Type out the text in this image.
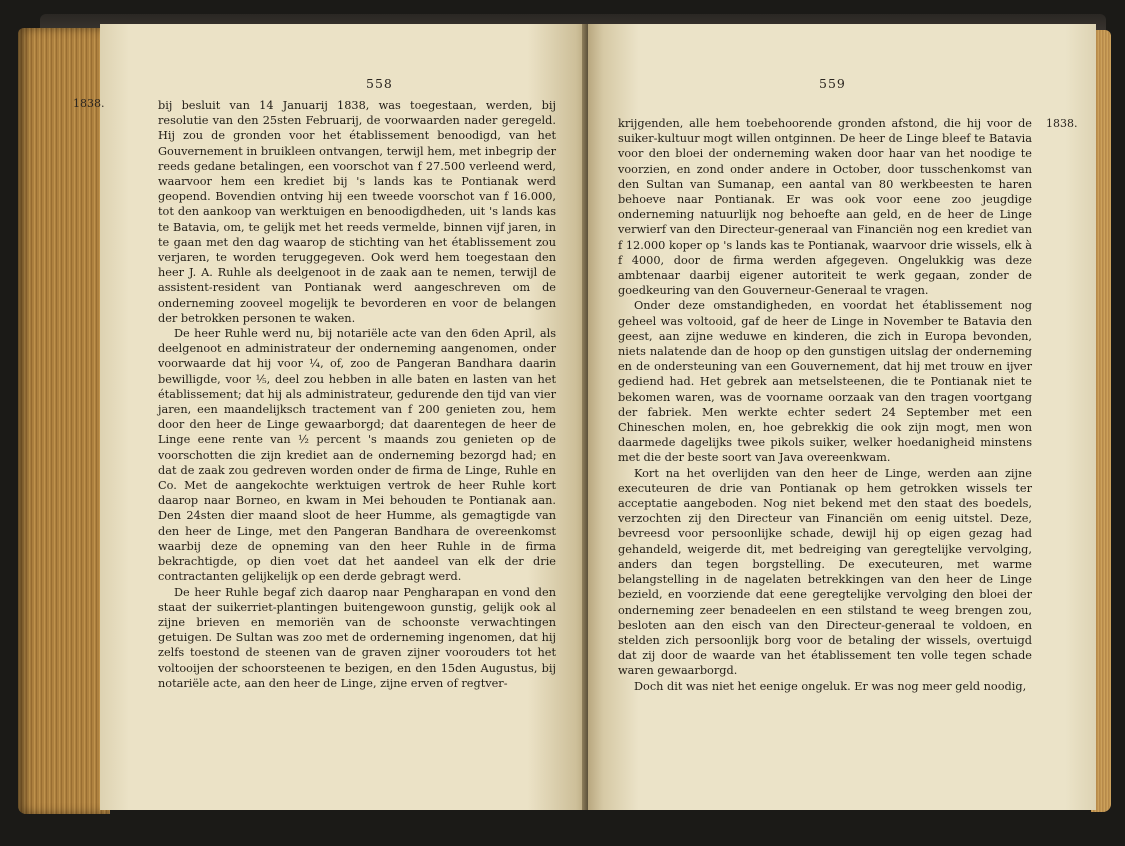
558

bij besluit van 14 Januarij 1838, was toegestaan, werden, bij resolutie van den 25sten Februarij, de voorwaarden nader geregeld. Hij zou de gronden voor het établissement benoodigd, van het Gouvernement in bruikleen ontvangen, terwijl hem, met inbegrip der reeds gedane betalingen, een voorschot van f 27.500 verleend werd, waarvoor hem een krediet bij 's lands kas te Pontianak werd geopend. Bovendien ontving hij een tweede voorschot van f 16.000, tot den aankoop van werktuigen en benoodigdheden, uit 's lands kas te Batavia, om, te gelijk met het reeds vermelde, binnen vijf jaren, in te gaan met den dag waarop de stichting van het établissement zou verjaren, te worden teruggegeven. Ook werd hem toegestaan den heer J. A. Ruhle als deelgenoot in de zaak aan te nemen, terwijl de assistent-resident van Pontianak werd aangeschreven om de onderneming zooveel mogelijk te bevorderen en voor de belangen der betrokken personen te waken.

De heer Ruhle werd nu, bij notariële acte van den 6den April, als deelgenoot en administrateur der onderneming aangenomen, onder voorwaarde dat hij voor ¼, of, zoo de Pangeran Bandhara daarin bewilligde, voor ⅕, deel zou hebben in alle baten en lasten van het établissement; dat hij als administrateur, gedurende den tijd van vier jaren, een maandelijksch tractement van f 200 genieten zou, hem door den heer de Linge gewaarborgd; dat daarentegen de heer de Linge eene rente van ½ percent 's maands zou genieten op de voorschotten die zijn krediet aan de onderneming bezorgd had; en dat de zaak zou gedreven worden onder de firma de Linge, Ruhle en Co. Met de aangekochte werktuigen vertrok de heer Ruhle kort daarop naar Borneo, en kwam in Mei behouden te Pontianak aan. Den 24sten dier maand sloot de heer Humme, als gemagtigde van den heer de Linge, met den Pangeran Bandhara de overeenkomst waarbij deze de opneming van den heer Ruhle in de firma bekrachtigde, op dien voet dat het aandeel van elk der drie contractanten gelijkelijk op een derde gebragt werd.

De heer Ruhle begaf zich daarop naar Pengharapan en vond den staat der suikerriet-plantingen buitengewoon gunstig, gelijk ook al zijne brieven en memoriën van de schoonste verwachtingen getuigen. De Sultan was zoo met de orderneming ingenomen, dat hij zelfs toestond de steenen van de graven zijner voorouders tot het voltooijen der schoorsteenen te bezigen, en den 15den Augustus, bij notariële acte, aan den heer de Linge, zijne erven of regtver-

1838.
559

krijgenden, alle hem toebehoorende gronden afstond, die hij voor de suiker-kultuur mogt willen ontginnen. De heer de Linge bleef te Batavia voor den bloei der onderneming waken door haar van het noodige te voorzien, en zond onder andere in October, door tusschenkomst van den Sultan van Sumanap, een aantal van 80 werkbeesten te haren behoeve naar Pontianak. Er was ook voor eene zoo jeugdige onderneming natuurlijk nog behoefte aan geld, en de heer de Linge verwierf van den Directeur-generaal van Financiën nog een krediet van f 12.000 koper op 's lands kas te Pontianak, waarvoor drie wissels, elk à f 4000, door de firma werden afgegeven. Ongelukkig was deze ambtenaar daarbij eigener autoriteit te werk gegaan, zonder de goedkeuring van den Gouverneur-Generaal te vragen.

Onder deze omstandigheden, en voordat het établissement nog geheel was voltooid, gaf de heer de Linge in November te Batavia den geest, aan zijne weduwe en kinderen, die zich in Europa bevonden, niets nalatende dan de hoop op den gunstigen uitslag der onderneming en de ondersteuning van een Gouvernement, dat hij met trouw en ijver gediend had. Het gebrek aan metselsteenen, die te Pontianak niet te bekomen waren, was de voorname oorzaak van den tragen voortgang der fabriek. Men werkte echter sedert 24 September met een Chineschen molen, en, hoe gebrekkig die ook zijn mogt, men won daarmede dagelijks twee pikols suiker, welker hoedanigheid minstens met die der beste soort van Java overeenkwam.

Kort na het overlijden van den heer de Linge, werden aan zijne executeuren de drie van Pontianak op hem getrokken wissels ter acceptatie aangeboden. Nog niet bekend met den staat des boedels, verzochten zij den Directeur van Financiën om eenig uitstel. Deze, bevreesd voor persoonlijke schade, dewijl hij op eigen gezag had gehandeld, weigerde dit, met bedreiging van geregtelijke vervolging, anders dan tegen borgstelling. De executeuren, met warme belangstelling in de nagelaten betrekkingen van den heer de Linge bezield, en voorziende dat eene geregtelijke vervolging den bloei der onderneming zeer benadeelen en een stilstand te weeg brengen zou, besloten aan den eisch van den Directeur-generaal te voldoen, en stelden zich persoonlijk borg voor de betaling der wissels, overtuigd dat zij door de waarde van het établissement ten volle tegen schade waren gewaarborgd.

Doch dit was niet het eenige ongeluk. Er was nog meer geld noodig,

1838.
